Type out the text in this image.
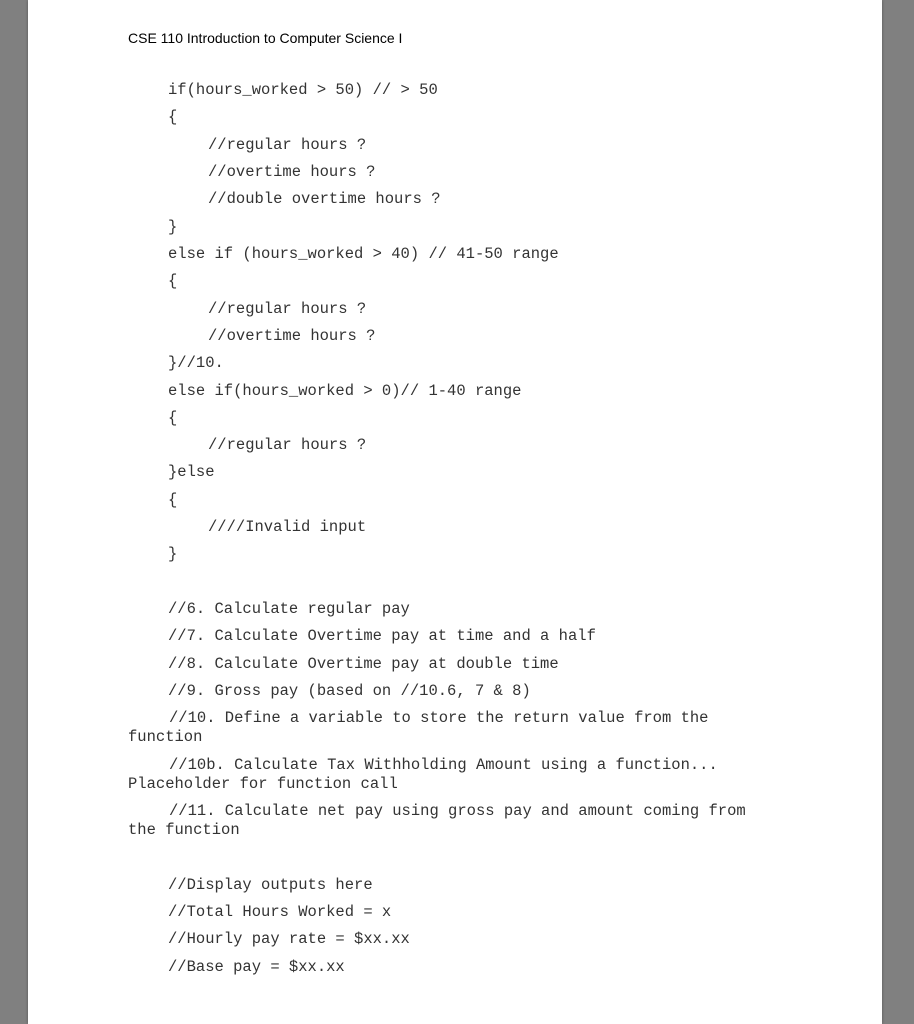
CSE 110 Introduction to Computer Science I
if(hours_worked > 50) // > 50
{
//regular hours ?
//overtime hours ?
//double overtime hours ?
}
else if (hours_worked > 40) // 41-50 range
{
//regular hours ?
//overtime hours ?
}//10.
else if(hours_worked > 0)// 1-40 range
{
//regular hours ?
}else
{
////Invalid input
}
//6. Calculate regular pay
//7. Calculate Overtime pay at time and a half
//8. Calculate Overtime pay at double time
//9. Gross pay (based on //10.6, 7 & 8)
//10. Define a variable to store the return value from the function
//10b. Calculate Tax Withholding Amount using a function... Placeholder for function call
//11. Calculate net pay using gross pay and amount coming from the function
//Display outputs here
//Total Hours Worked = x
//Hourly pay rate = $xx.xx
//Base pay = $xx.xx
